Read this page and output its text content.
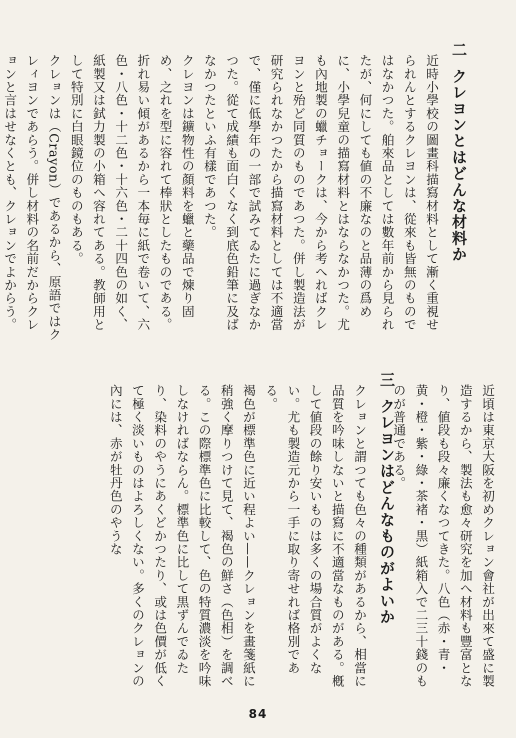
二クレヨンとはどんな材料か
近時小學校の圖畫科描寫材料として漸く重視せられんとするクレヨンは、從來も皆無のものではなかつた。舶來品としては數年前から見られたが、何にしても値の不廉なのと品薄の爲めに、小學兒童の描寫材料とはならなかつた。尤も內地製の蠟チョークは、今から考へればクレヨンと殆ど同質のものであつた。併し製造法が研究られなかつたから描寫材料としては不適當で、僅に低學年の一部で試みてゐたに過ぎなかつた。從て成績も面白くなく到底色鉛筆に及ばなかつたといふ有樣であつた。
クレヨンは鑛物性の顏料を蠟と藥品で煉り固め、之れを型に容れて棒狀としたものである。折れ易い傾があるから一本毎に紙で卷いて、六色・八色・十二色・十六色・二十四色の如く、紙製又は鉽力製の小箱へ容れてある。教師用として特別に白眼鏡位のものもある。
クレョンは（Crayon）であるから、原語ではクレィヨンであらう。併し材料の名前だからクレョンと言はせなくとも、クレョンでよからう。
近頃は東京大阪を初めクレョン會社が出來て盛に製造するから、製法も愈々研究を加へ材料も豐富となり、値段も段々廉くなつてきた。八色（赤・青・黄・橙・紫・綠・茶褚・黒）紙箱入で二三十錢のものが普通である。
三クレヨンはどんなものがよいか
クレョンと謂つても色々の種類があるから、相當に品質を吟味しないと描寫に不適當なものがある。槪して値段の餘り安いものは多くの場合質がよくない。尤も製造元から一手に取り寄せれば格別である。
褐色が標準色に近い程よい——クレョンを畫箋紙に稍強く摩りつけて見て、褐色の鮮さ（色相）を調べる。この際標準色に比較して、色の特質濃淡を吟味しなければならん。標準色に比して黒ずんでゐたり、染料のやうにあくどかつたり、或は色價が低くて極く淡いものはよろしくない。多くのクレョンの內には、赤が牡丹色のやうな
84
